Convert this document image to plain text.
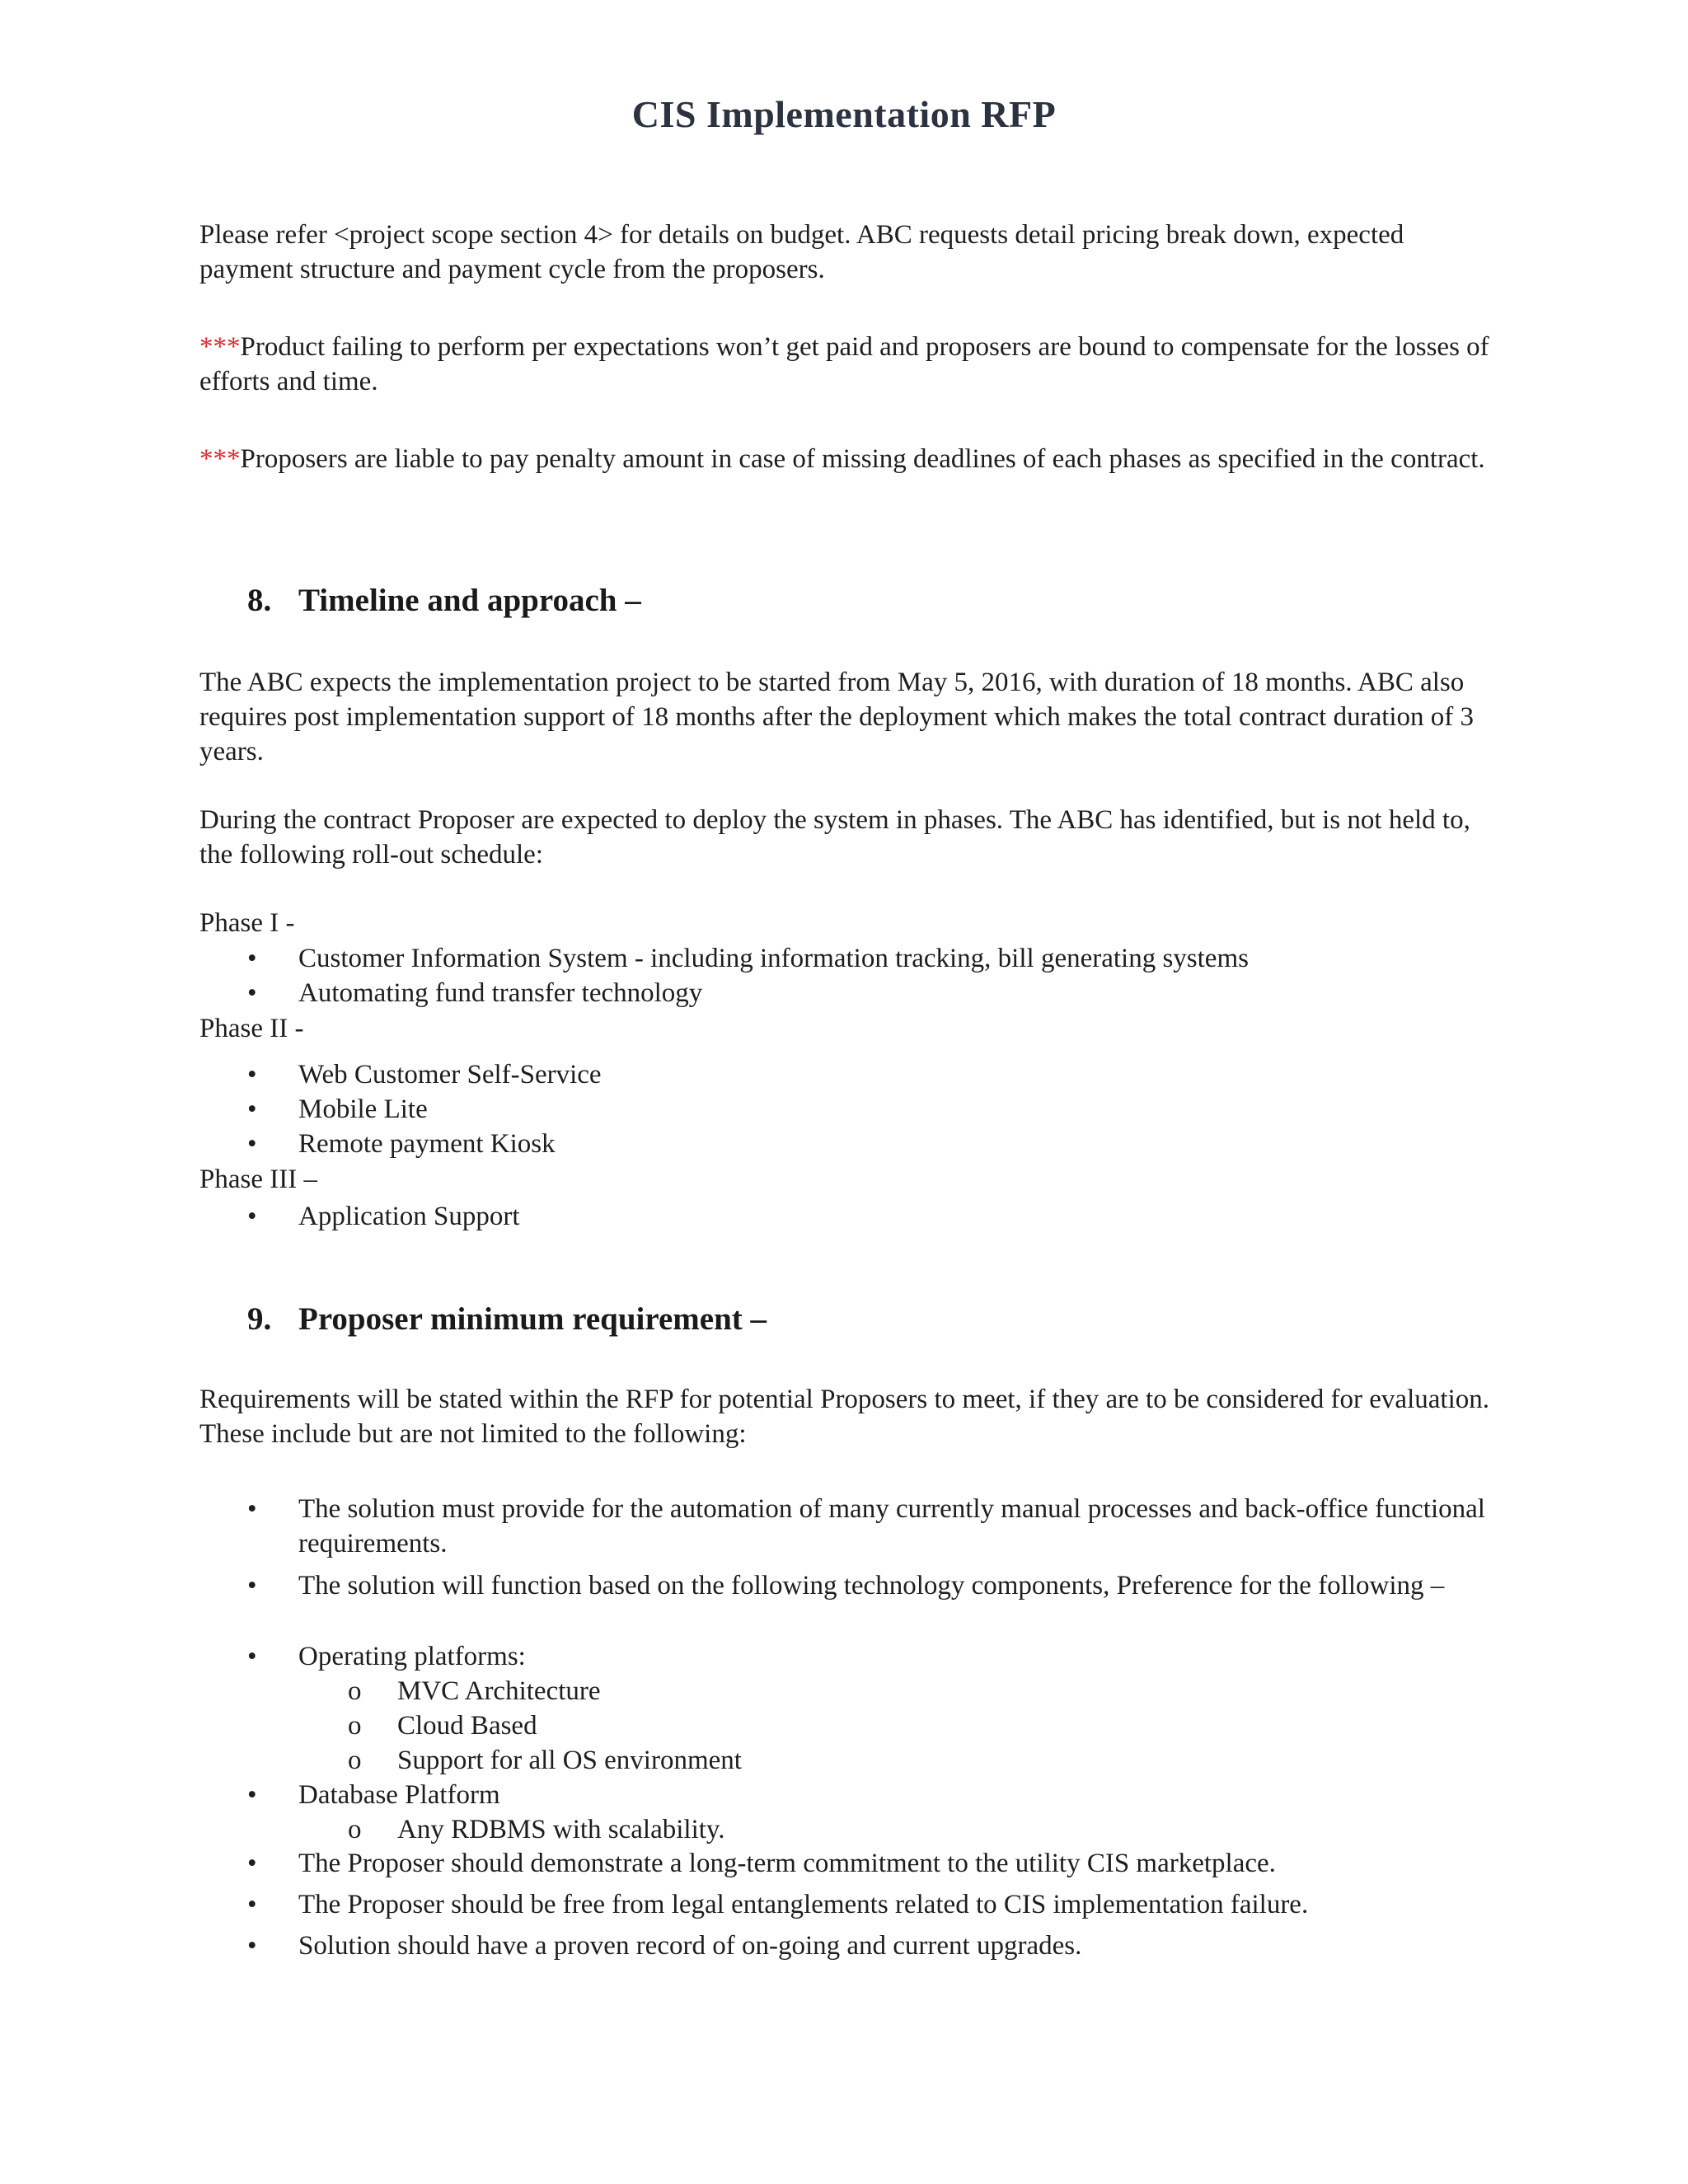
CIS Implementation RFP

Please refer <project scope section 4> for details on budget. ABC requests detail pricing break down, expected payment structure and payment cycle from the proposers.

***Product failing to perform per expectations won’t get paid and proposers are bound to compensate for the losses of efforts and time.

***Proposers are liable to pay penalty amount in case of missing deadlines of each phases as specified in the contract.

8. Timeline and approach –

The ABC expects the implementation project to be started from May 5, 2016, with duration of 18 months. ABC also requires post implementation support of 18 months after the deployment which makes the total contract duration of 3 years.

During the contract Proposer are expected to deploy the system in phases. The ABC has identified, but is not held to, the following roll-out schedule:

Phase I -
• Customer Information System - including information tracking, bill generating systems
• Automating fund transfer technology
Phase II -
• Web Customer Self-Service
• Mobile Lite
• Remote payment Kiosk
Phase III –
• Application Support
9. Proposer minimum requirement –

Requirements will be stated within the RFP for potential Proposers to meet, if they are to be considered for evaluation. These include but are not limited to the following:

• The solution must provide for the automation of many currently manual processes and back-office functional requirements.
• The solution will function based on the following technology components, Preference for the following –
• Operating platforms:
o MVC Architecture
o Cloud Based
o Support for all OS environment
• Database Platform
o Any RDBMS with scalability.
• The Proposer should demonstrate a long-term commitment to the utility CIS marketplace.
• The Proposer should be free from legal entanglements related to CIS implementation failure.
• Solution should have a proven record of on-going and current upgrades.
